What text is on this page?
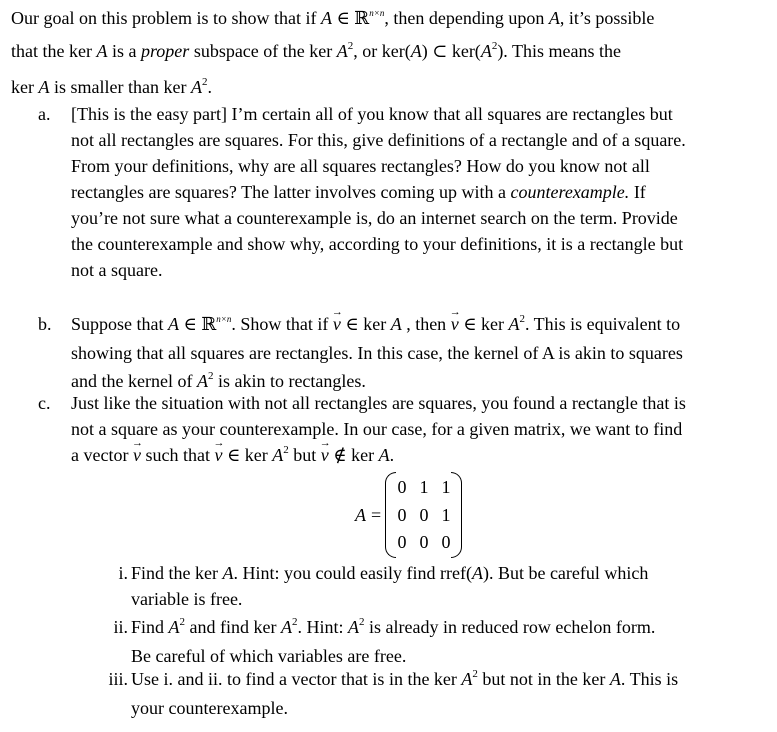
Our goal on this problem is to show that if A ∈ ℝ$^{n\times n}$, then depending upon A, it’s possible
that the ker A is a proper subspace of the ker $A^2$, or ker(A) ⊂ $ker(A^2)$. This means the
ker A is smaller than ker $A^2$.
a.	[This is the easy part] I’m certain all of you know that all squares are rectangles but
not all rectangles are squares. For this, give definitions of a rectangle and of a square.
From your definitions, why are all squares rectangles? How do you know not all
rectangles are squares? The latter involves coming up with a counterexample. If
you’re not sure what a counterexample is, do an internet search on the term. Provide
the counterexample and show why, according to your definitions, it is a rectangle but
not a square.
b.	Suppose that A ∈ ℝ$^{n\times n}$. Show that if → v ∈ ker A , then → v ∈ ker $A^2$. This is equivalent to
showing that all squares are rectangles. In this case, the kernel of A is akin to squares
and the kernel of $A^2$ is akin to rectangles.
c.	Just like the situation with not all rectangles are squares, you found a rectangle that is
not a square as your counterexample. In our case, for a given matrix, we want to find
a vector → v such that → v ∈ ker $A^2$ but → v ∉ ker A.
A =
0 1 1
0 0 1
0 0 0
i. Find the ker A. Hint: you could easily find rref(A). But be careful which
variable is free.
ii. Find $A^2$ and find ker $A^2$. Hint: $A^2$ is already in reduced row echelon form.
Be careful of which variables are free.
iii. Use i. and ii. to find a vector that is in the ker $A^2$ but not in the ker A. This is
your counterexample.
